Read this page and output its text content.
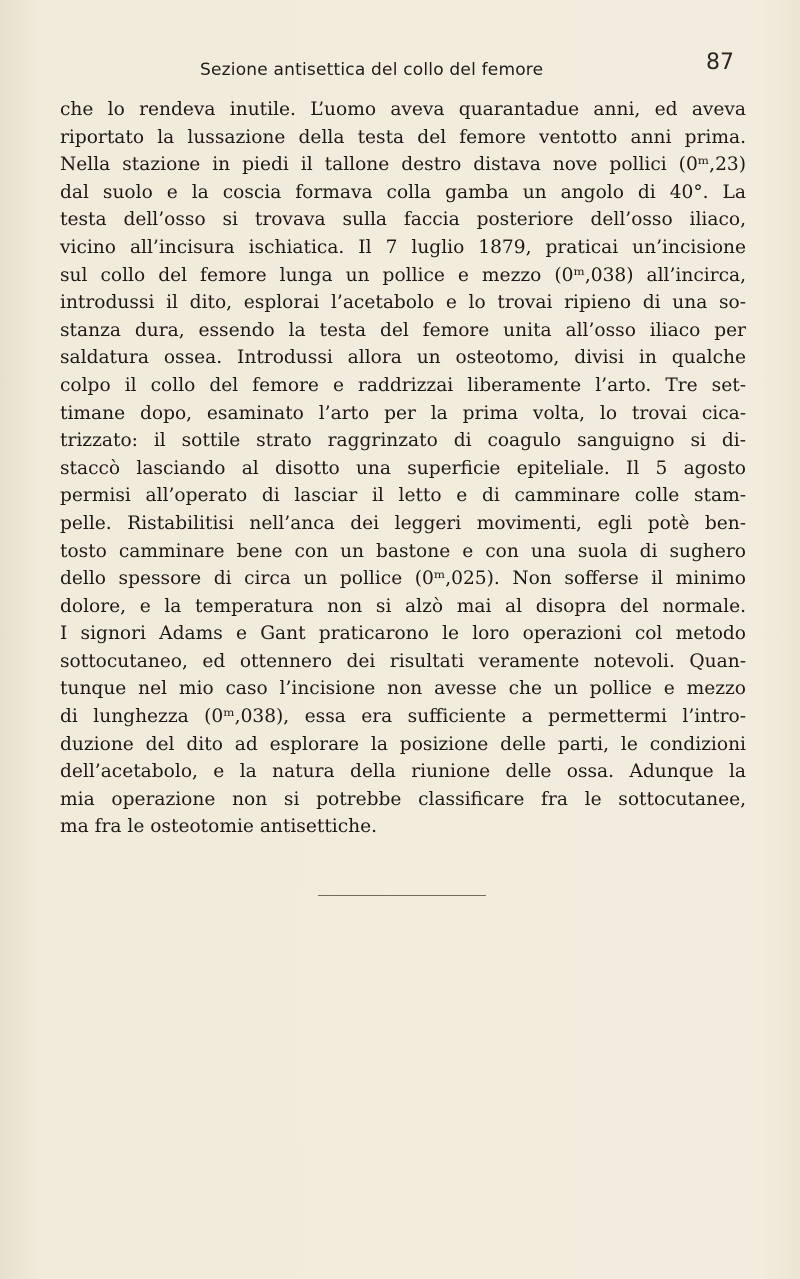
Sezione antisettica del collo del femore	87
che lo rendeva inutile. L’uomo aveva quarantadue anni, ed aveva
riportato la lussazione della testa del femore ventotto anni prima.
Nella stazione in piedi il tallone destro distava nove pollici (0ᵐ,23)
dal suolo e la coscia formava colla gamba un angolo di 40°. La
testa dell’osso si trovava sulla faccia posteriore dell’osso iliaco,
vicino all’incisura ischiatica. Il 7 luglio 1879, praticai un’incisione
sul collo del femore lunga un pollice e mezzo (0ᵐ,038) all’incirca,
introdussi il dito, esplorai l’acetabolo e lo trovai ripieno di una so-
stanza dura, essendo la testa del femore unita all’osso iliaco per
saldatura ossea. Introdussi allora un osteotomo, divisi in qualche
colpo il collo del femore e raddrizzai liberamente l’arto. Tre set-
timane dopo, esaminato l’arto per la prima volta, lo trovai cica-
trizzato: il sottile strato raggrinzato di coagulo sanguigno si di-
staccò lasciando al disotto una superficie epiteliale. Il 5 agosto
permisi all’operato di lasciar il letto e di camminare colle stam-
pelle. Ristabilitisi nell’anca dei leggeri movimenti, egli potè ben-
tosto camminare bene con un bastone e con una suola di sughero
dello spessore di circa un pollice (0ᵐ,025). Non sofferse il minimo
dolore, e la temperatura non si alzò mai al disopra del normale.
I signori Adams e Gant praticarono le loro operazioni col metodo
sottocutaneo, ed ottennero dei risultati veramente notevoli. Quan-
tunque nel mio caso l’incisione non avesse che un pollice e mezzo
di lunghezza (0ᵐ,038), essa era sufficiente a permettermi l’intro-
duzione del dito ad esplorare la posizione delle parti, le condizioni
dell’acetabolo, e la natura della riunione delle ossa. Adunque la
mia operazione non si potrebbe classificare fra le sottocutanee,
ma fra le osteotomie antisettiche.
